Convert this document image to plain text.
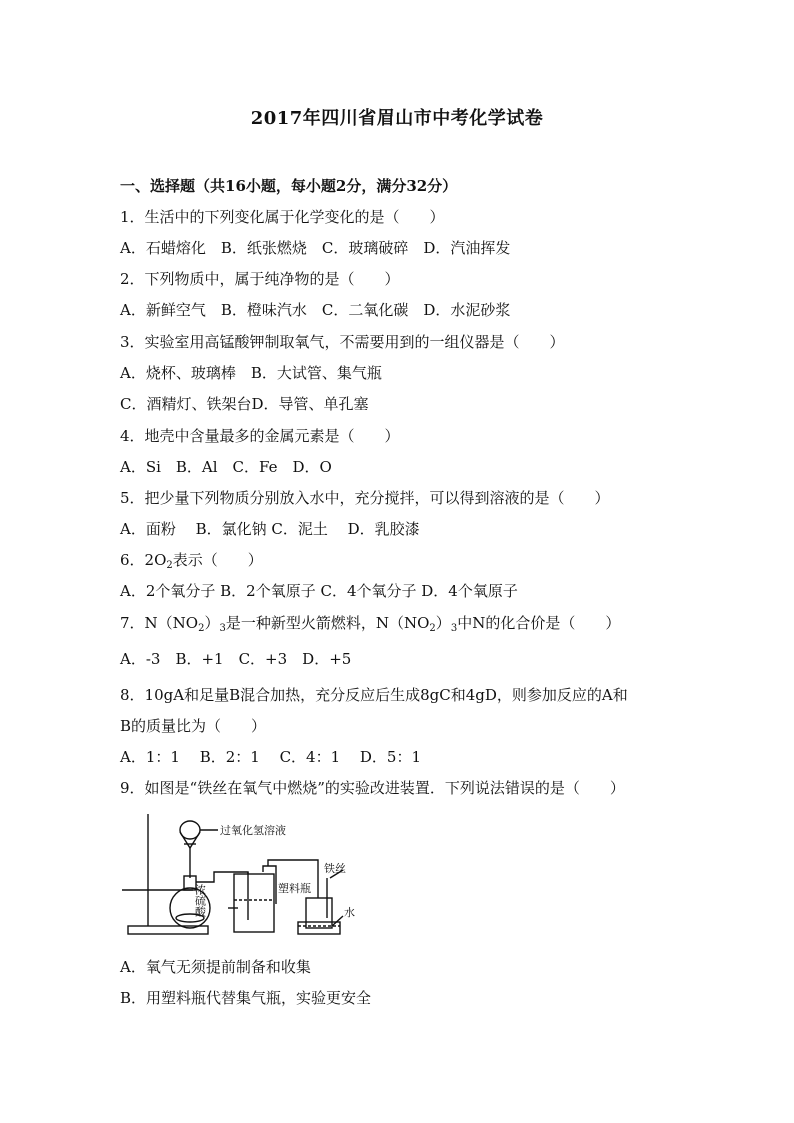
2017年四川省眉山市中考化学试卷
一、选择题（共16小题，每小题2分，满分32分）
1．生活中的下列变化属于化学变化的是（　　）
A．石蜡熔化　B．纸张燃烧　C．玻璃破碎　D．汽油挥发
2．下列物质中，属于纯净物的是（　　）
A．新鲜空气　B．橙味汽水　C．二氧化碳　D．水泥砂浆
3．实验室用高锰酸钾制取氧气，不需要用到的一组仪器是（　　）
A．烧杯、玻璃棒　B．大试管、集气瓶
C．酒精灯、铁架台D．导管、单孔塞
4．地壳中含量最多的金属元素是（　　）
A．Si　B．Al　C．Fe　D．O
5．把少量下列物质分别放入水中，充分搅拌，可以得到溶液的是（　　）
A．面粉　 B．氯化钠 C．泥土　 D．乳胶漆
6．$2O_2$表示（　　）
A．2个氧分子 B．2个氧原子 C．4个氧分子 D．4个氧原子
7．$N(NO_2)_3$是一种新型火箭燃料，$N(NO_2)_3$中N的化合价是（　　）
A．-3　B．+1　C．+3　D．+5
8．10gA和足量B混合加热，充分反应后生成8gC和4gD，则参加反应的A和
B的质量比为（　　）
A．1：1　 B．2：1　 C．4：1　 D．5：1
9．如图是“铁丝在氧气中燃烧”的实验改进装置．下列说法错误的是（　　）
过氧化氢溶液
浓硫酸	塑料瓶
铁丝
水
A．氧气无须提前制备和收集
B．用塑料瓶代替集气瓶，实验更安全
